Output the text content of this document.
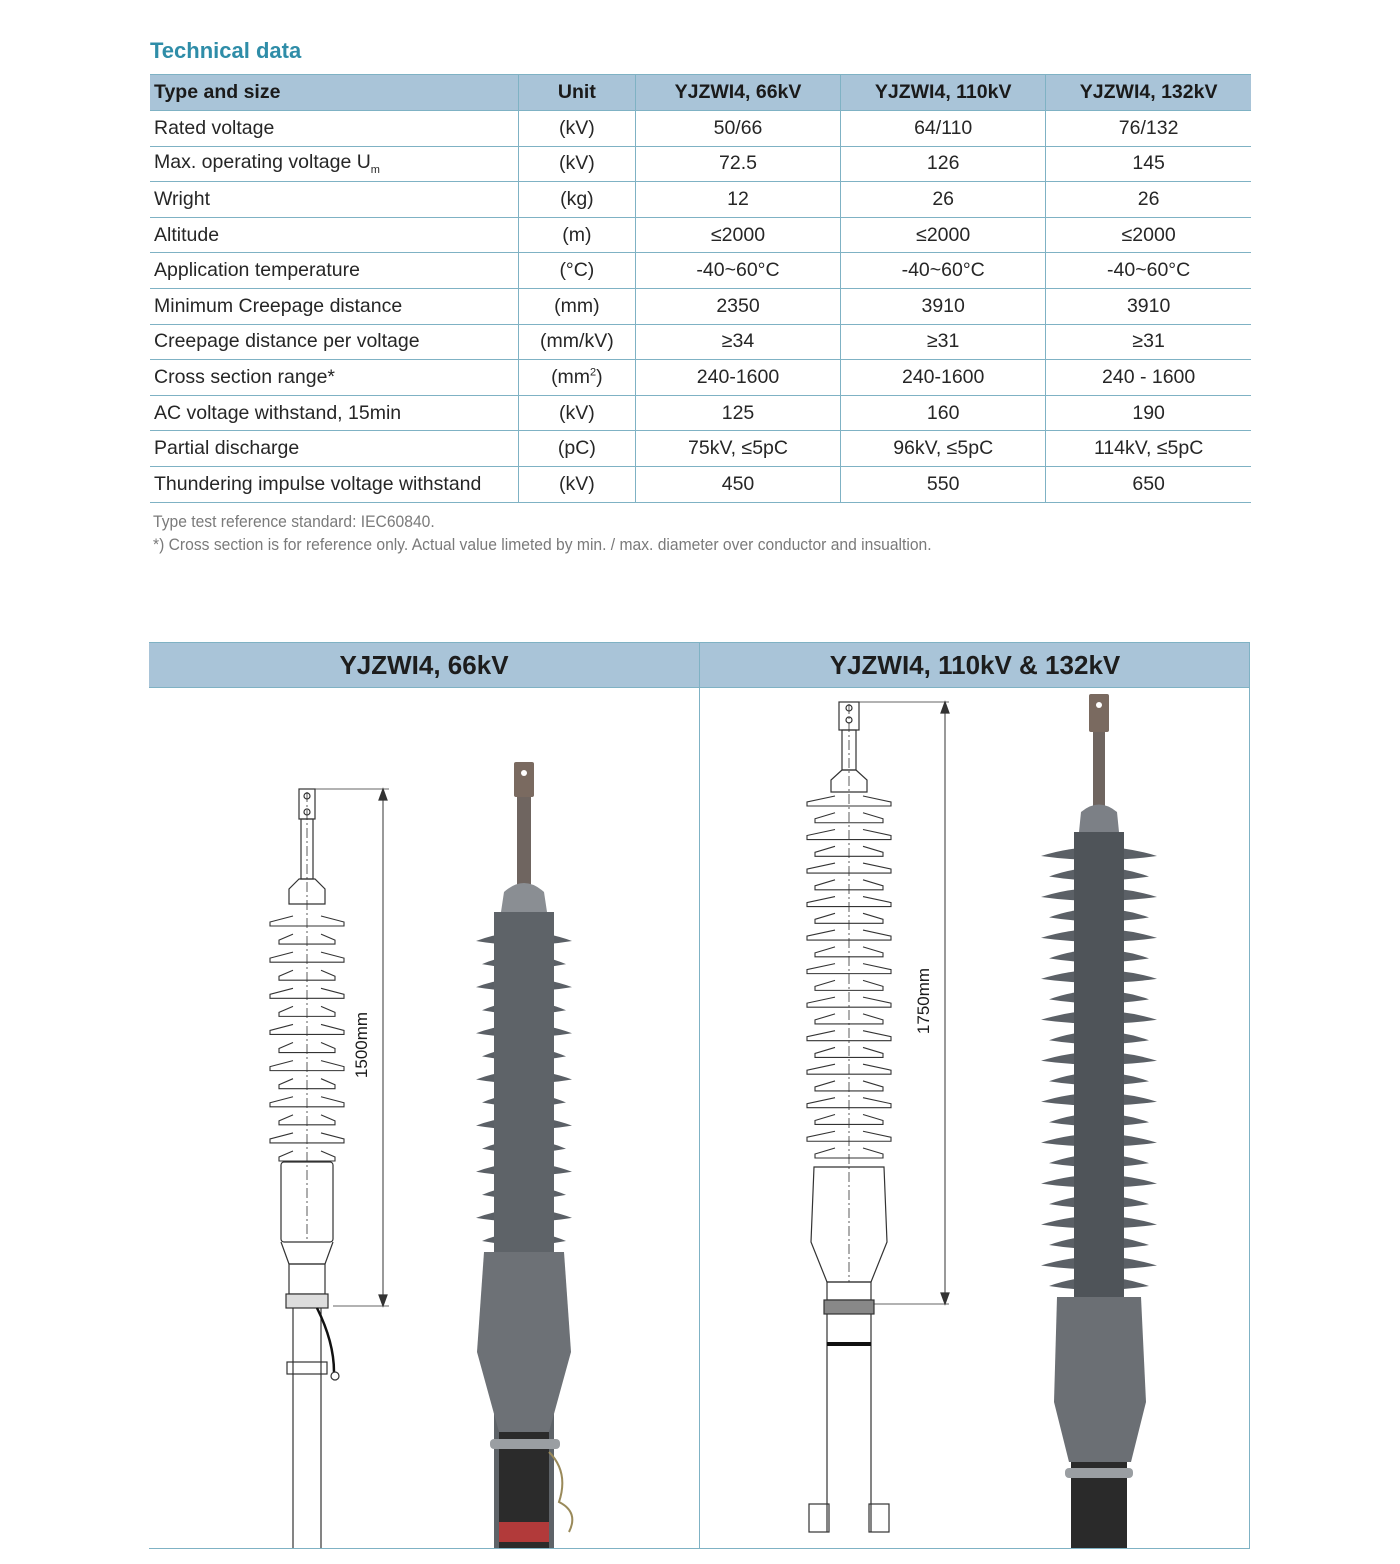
Technical data
Type and size	Unit	YJZWI4, 66kV	YJZWI4, 110kV	YJZWI4, 132kV
Rated voltage	(kV)	50/66	64/110	76/132
Max. operating voltage $U_m$	(kV)	72.5	126	145
Wright	(kg)	12	26	26
Altitude	(m)	≤2000	≤2000	≤2000
Application temperature	(°C)	-40~60°C	-40~60°C	-40~60°C
Minimum Creepage distance	(mm)	2350	3910	3910
Creepage distance per voltage	(mm/kV)	≥34	≥31	≥31
Cross section range*	$(mm^2)$	240-1600	240-1600	240 - 1600
AC voltage withstand, 15min	(kV)	125	160	190
Partial discharge	(pC)	75kV, ≤5pC	96kV, ≤5pC	114kV, ≤5pC
Thundering impulse voltage withstand	(kV)	450	550	650
Type test reference standard: IEC60840.
*) Cross section is for reference only. Actual value limeted by min. / max. diameter over conductor and insualtion.
YJZWI4, 66kV	YJZWI4, 110kV & 132kV
1500mm
1750mm
